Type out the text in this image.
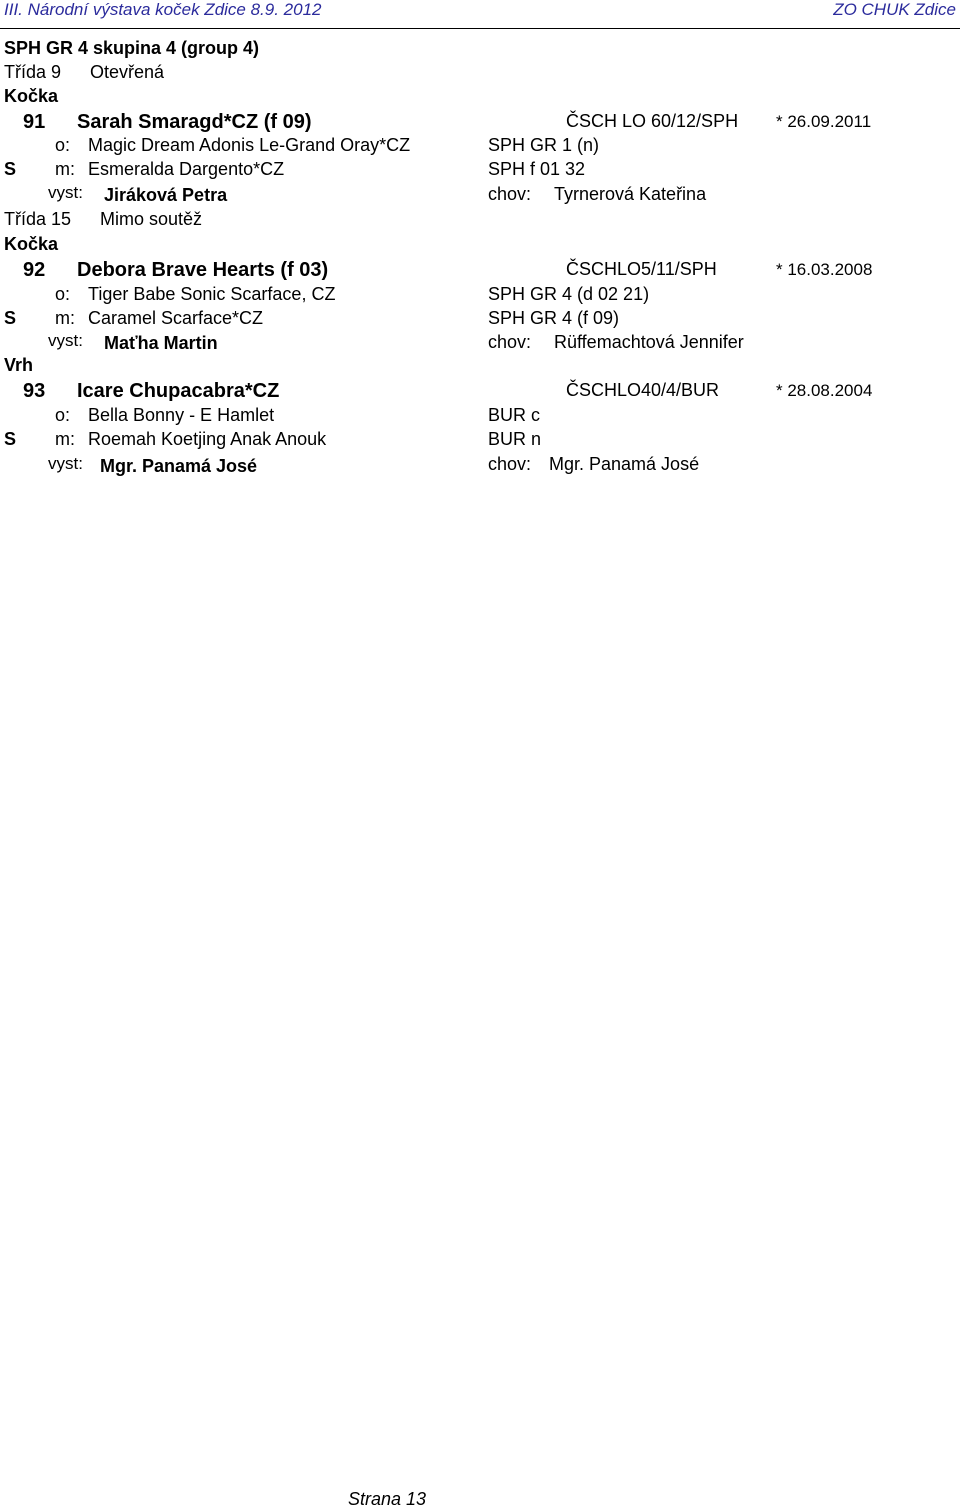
III. Národní výstava koček Zdice 8.9. 2012	ZO CHUK Zdice
SPH GR 4 skupina 4 (group 4)
Třída 9 Otevřená
Kočka
91 Sarah Smaragd*CZ (f 09)	ČSCH LO 60/12/SPH * 26.09.2011
S
o: Magic Dream Adonis Le-Grand Oray*CZ	SPH GR 1 (n)
m: Esmeralda Dargento*CZ	SPH f 01 32
vyst: Jiráková Petra	chov: Tyrnerová Kateřina
Třída 15 Mimo soutěž
Kočka
92 Debora Brave Hearts (f 03)	ČSCHLO5/11/SPH	* 16.03.2008
S
o: Tiger Babe Sonic Scarface, CZ	SPH GR 4 (d 02 21)
m: Caramel Scarface*CZ	SPH GR 4 (f 09)
vyst: Maťha Martin	chov: Rüffemachtová Jennifer
Vrh
93 Icare Chupacabra*CZ	ČSCHLO40/4/BUR	* 28.08.2004
S
o: Bella Bonny - E Hamlet	BUR c
m: Roemah Koetjing Anak Anouk	BUR n
vyst: Mgr. Panamá José	chov: Mgr. Panamá José
Strana 13
